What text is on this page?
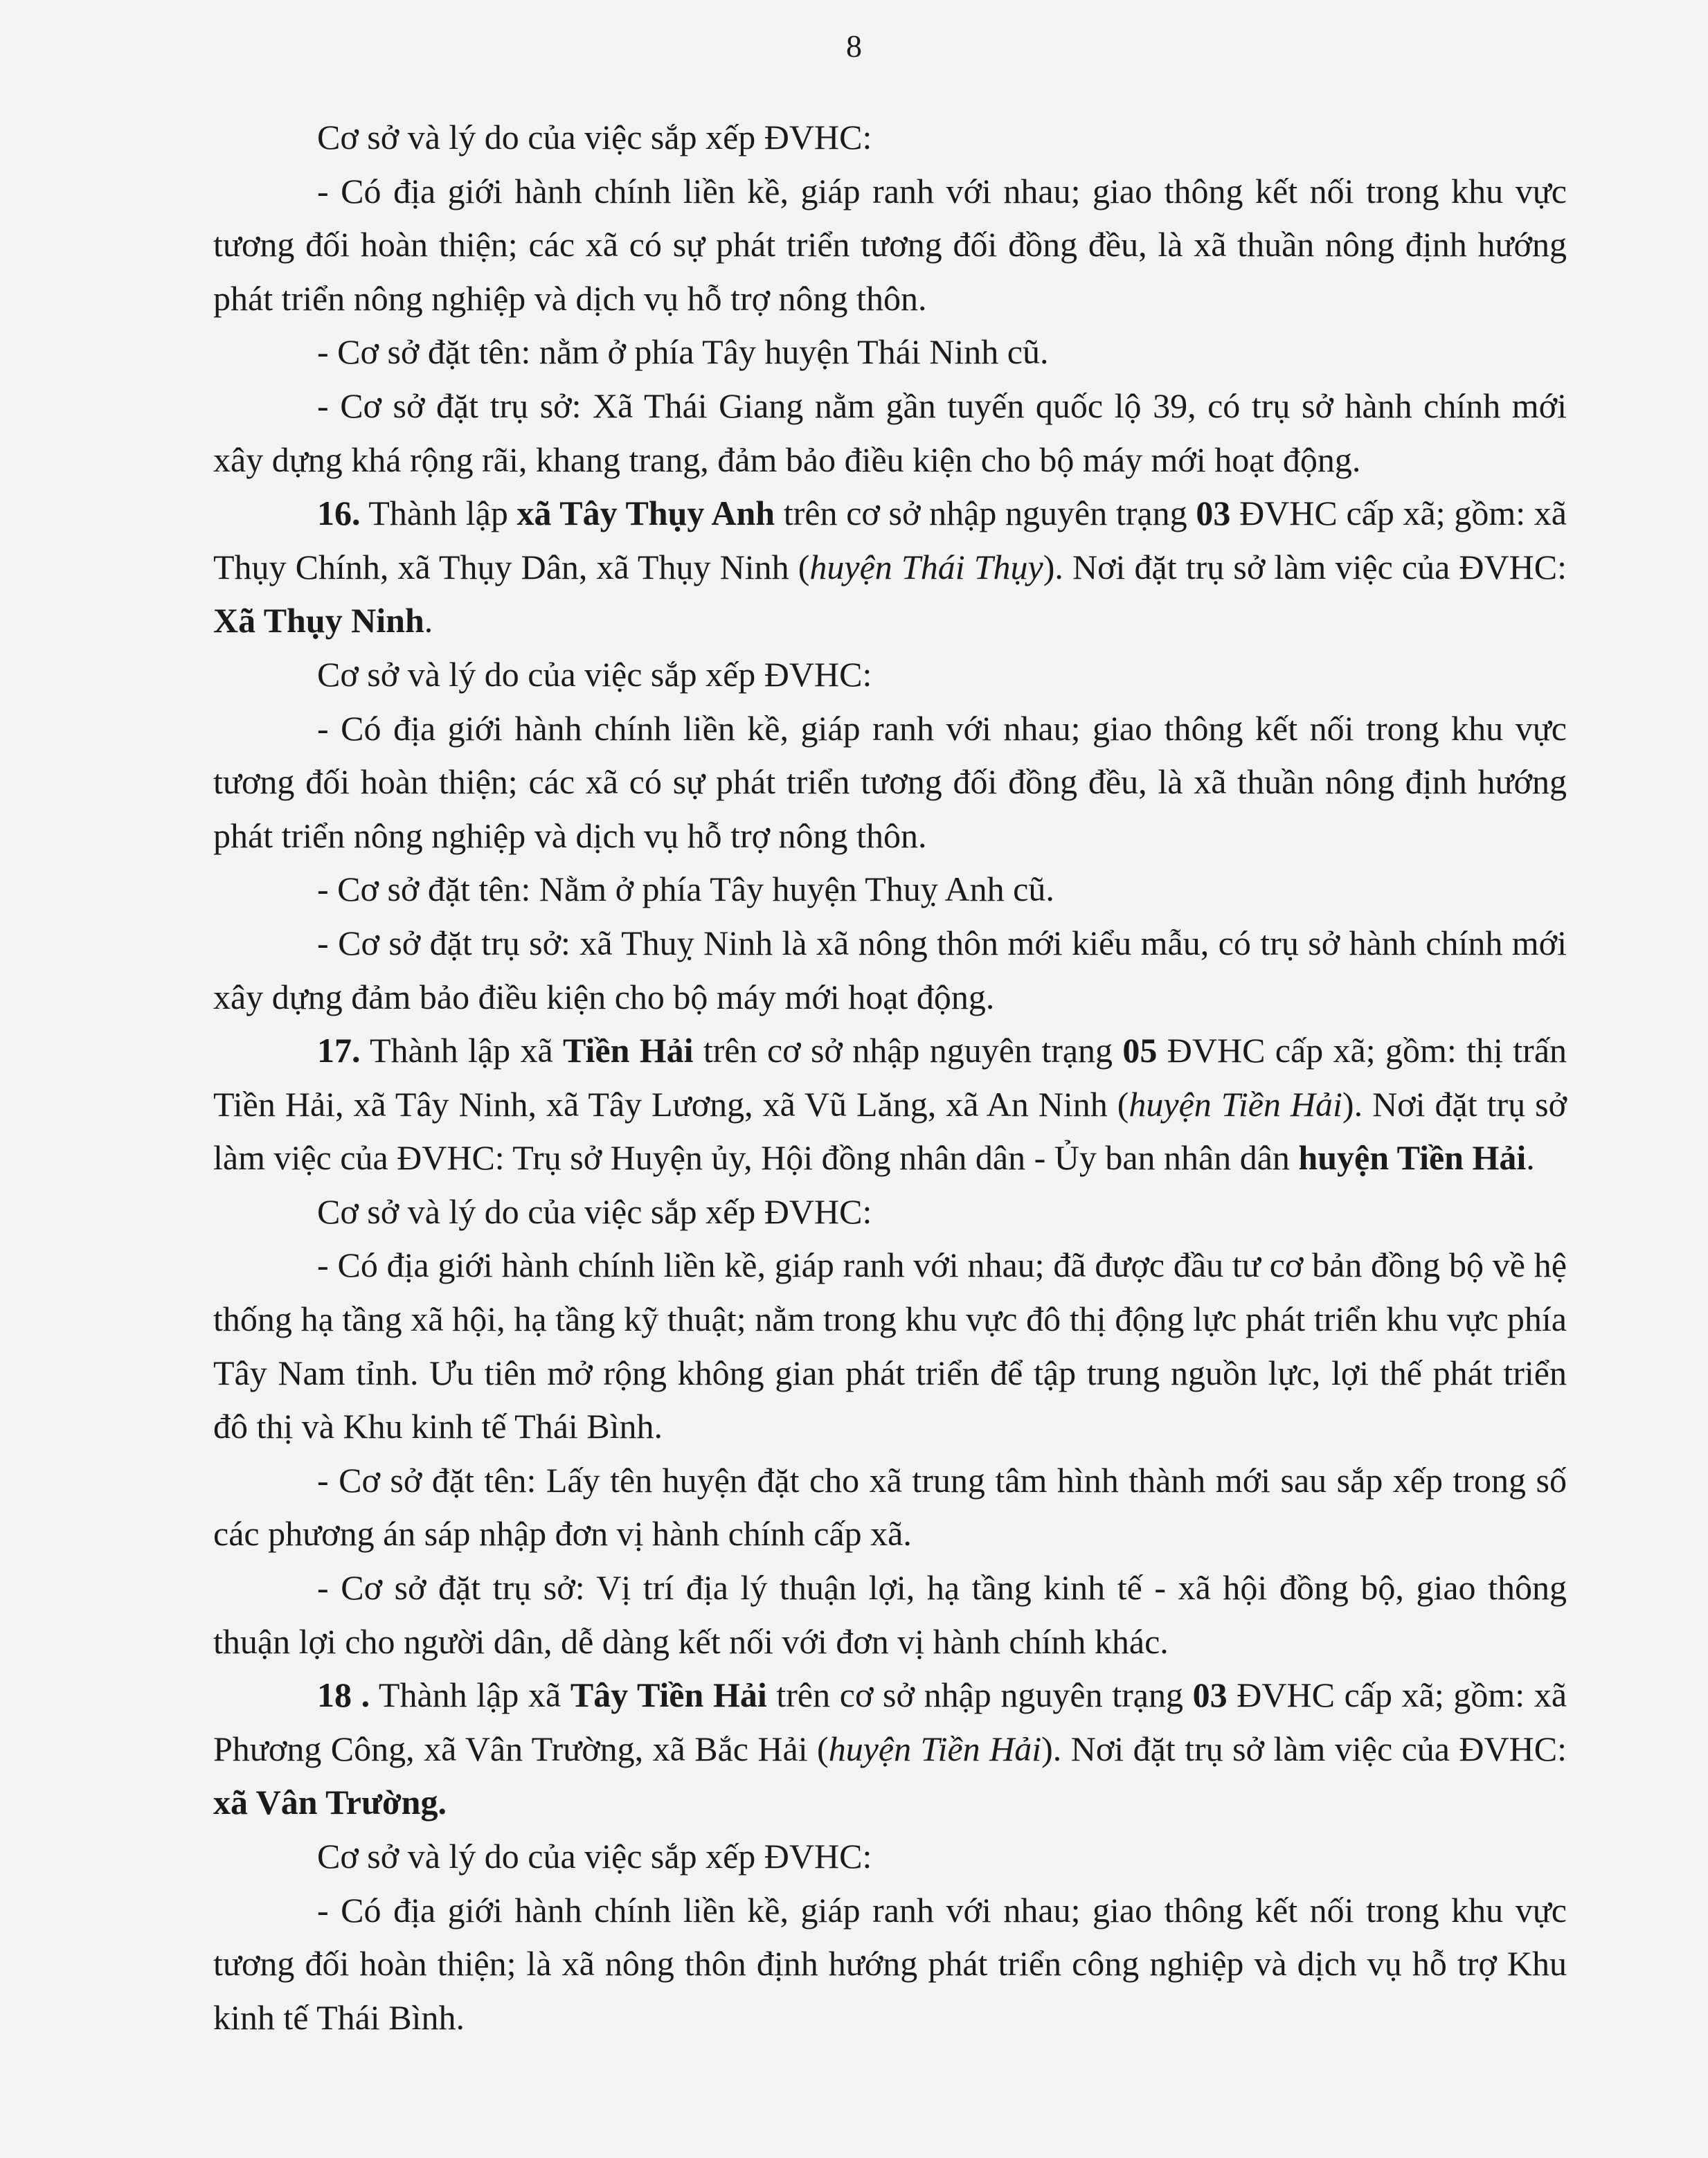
8

Cơ sở và lý do của việc sắp xếp ĐVHC:

- Có địa giới hành chính liền kề, giáp ranh với nhau; giao thông kết nối trong khu vực tương đối hoàn thiện; các xã có sự phát triển tương đối đồng đều, là xã thuần nông định hướng phát triển nông nghiệp và dịch vụ hỗ trợ nông thôn.

- Cơ sở đặt tên: nằm ở phía Tây huyện Thái Ninh cũ.

- Cơ sở đặt trụ sở: Xã Thái Giang nằm gần tuyến quốc lộ 39, có trụ sở hành chính mới xây dựng khá rộng rãi, khang trang, đảm bảo điều kiện cho bộ máy mới hoạt động.

16. Thành lập xã Tây Thụy Anh trên cơ sở nhập nguyên trạng 03 ĐVHC cấp xã; gồm: xã Thụy Chính, xã Thụy Dân, xã Thụy Ninh (huyện Thái Thụy). Nơi đặt trụ sở làm việc của ĐVHC: Xã Thụy Ninh.

Cơ sở và lý do của việc sắp xếp ĐVHC:

- Có địa giới hành chính liền kề, giáp ranh với nhau; giao thông kết nối trong khu vực tương đối hoàn thiện; các xã có sự phát triển tương đối đồng đều, là xã thuần nông định hướng phát triển nông nghiệp và dịch vụ hỗ trợ nông thôn.

- Cơ sở đặt tên: Nằm ở phía Tây huyện Thuỵ Anh cũ.

- Cơ sở đặt trụ sở: xã Thuỵ Ninh là xã nông thôn mới kiểu mẫu, có trụ sở hành chính mới xây dựng đảm bảo điều kiện cho bộ máy mới hoạt động.

17. Thành lập xã Tiền Hải trên cơ sở nhập nguyên trạng 05 ĐVHC cấp xã; gồm: thị trấn Tiền Hải, xã Tây Ninh, xã Tây Lương, xã Vũ Lăng, xã An Ninh (huyện Tiền Hải). Nơi đặt trụ sở làm việc của ĐVHC: Trụ sở Huyện ủy, Hội đồng nhân dân - Ủy ban nhân dân huyện Tiền Hải.

Cơ sở và lý do của việc sắp xếp ĐVHC:

- Có địa giới hành chính liền kề, giáp ranh với nhau; đã được đầu tư cơ bản đồng bộ về hệ thống hạ tầng xã hội, hạ tầng kỹ thuật; nằm trong khu vực đô thị động lực phát triển khu vực phía Tây Nam tỉnh. Ưu tiên mở rộng không gian phát triển để tập trung nguồn lực, lợi thế phát triển đô thị và Khu kinh tế Thái Bình.

- Cơ sở đặt tên: Lấy tên huyện đặt cho xã trung tâm hình thành mới sau sắp xếp trong số các phương án sáp nhập đơn vị hành chính cấp xã.

- Cơ sở đặt trụ sở: Vị trí địa lý thuận lợi, hạ tầng kinh tế - xã hội đồng bộ, giao thông thuận lợi cho người dân, dễ dàng kết nối với đơn vị hành chính khác.

18 . Thành lập xã Tây Tiền Hải trên cơ sở nhập nguyên trạng 03 ĐVHC cấp xã; gồm: xã Phương Công, xã Vân Trường, xã Bắc Hải (huyện Tiền Hải). Nơi đặt trụ sở làm việc của ĐVHC: xã Vân Trường.

Cơ sở và lý do của việc sắp xếp ĐVHC:

- Có địa giới hành chính liền kề, giáp ranh với nhau; giao thông kết nối trong khu vực tương đối hoàn thiện; là xã nông thôn định hướng phát triển công nghiệp và dịch vụ hỗ trợ Khu kinh tế Thái Bình.
